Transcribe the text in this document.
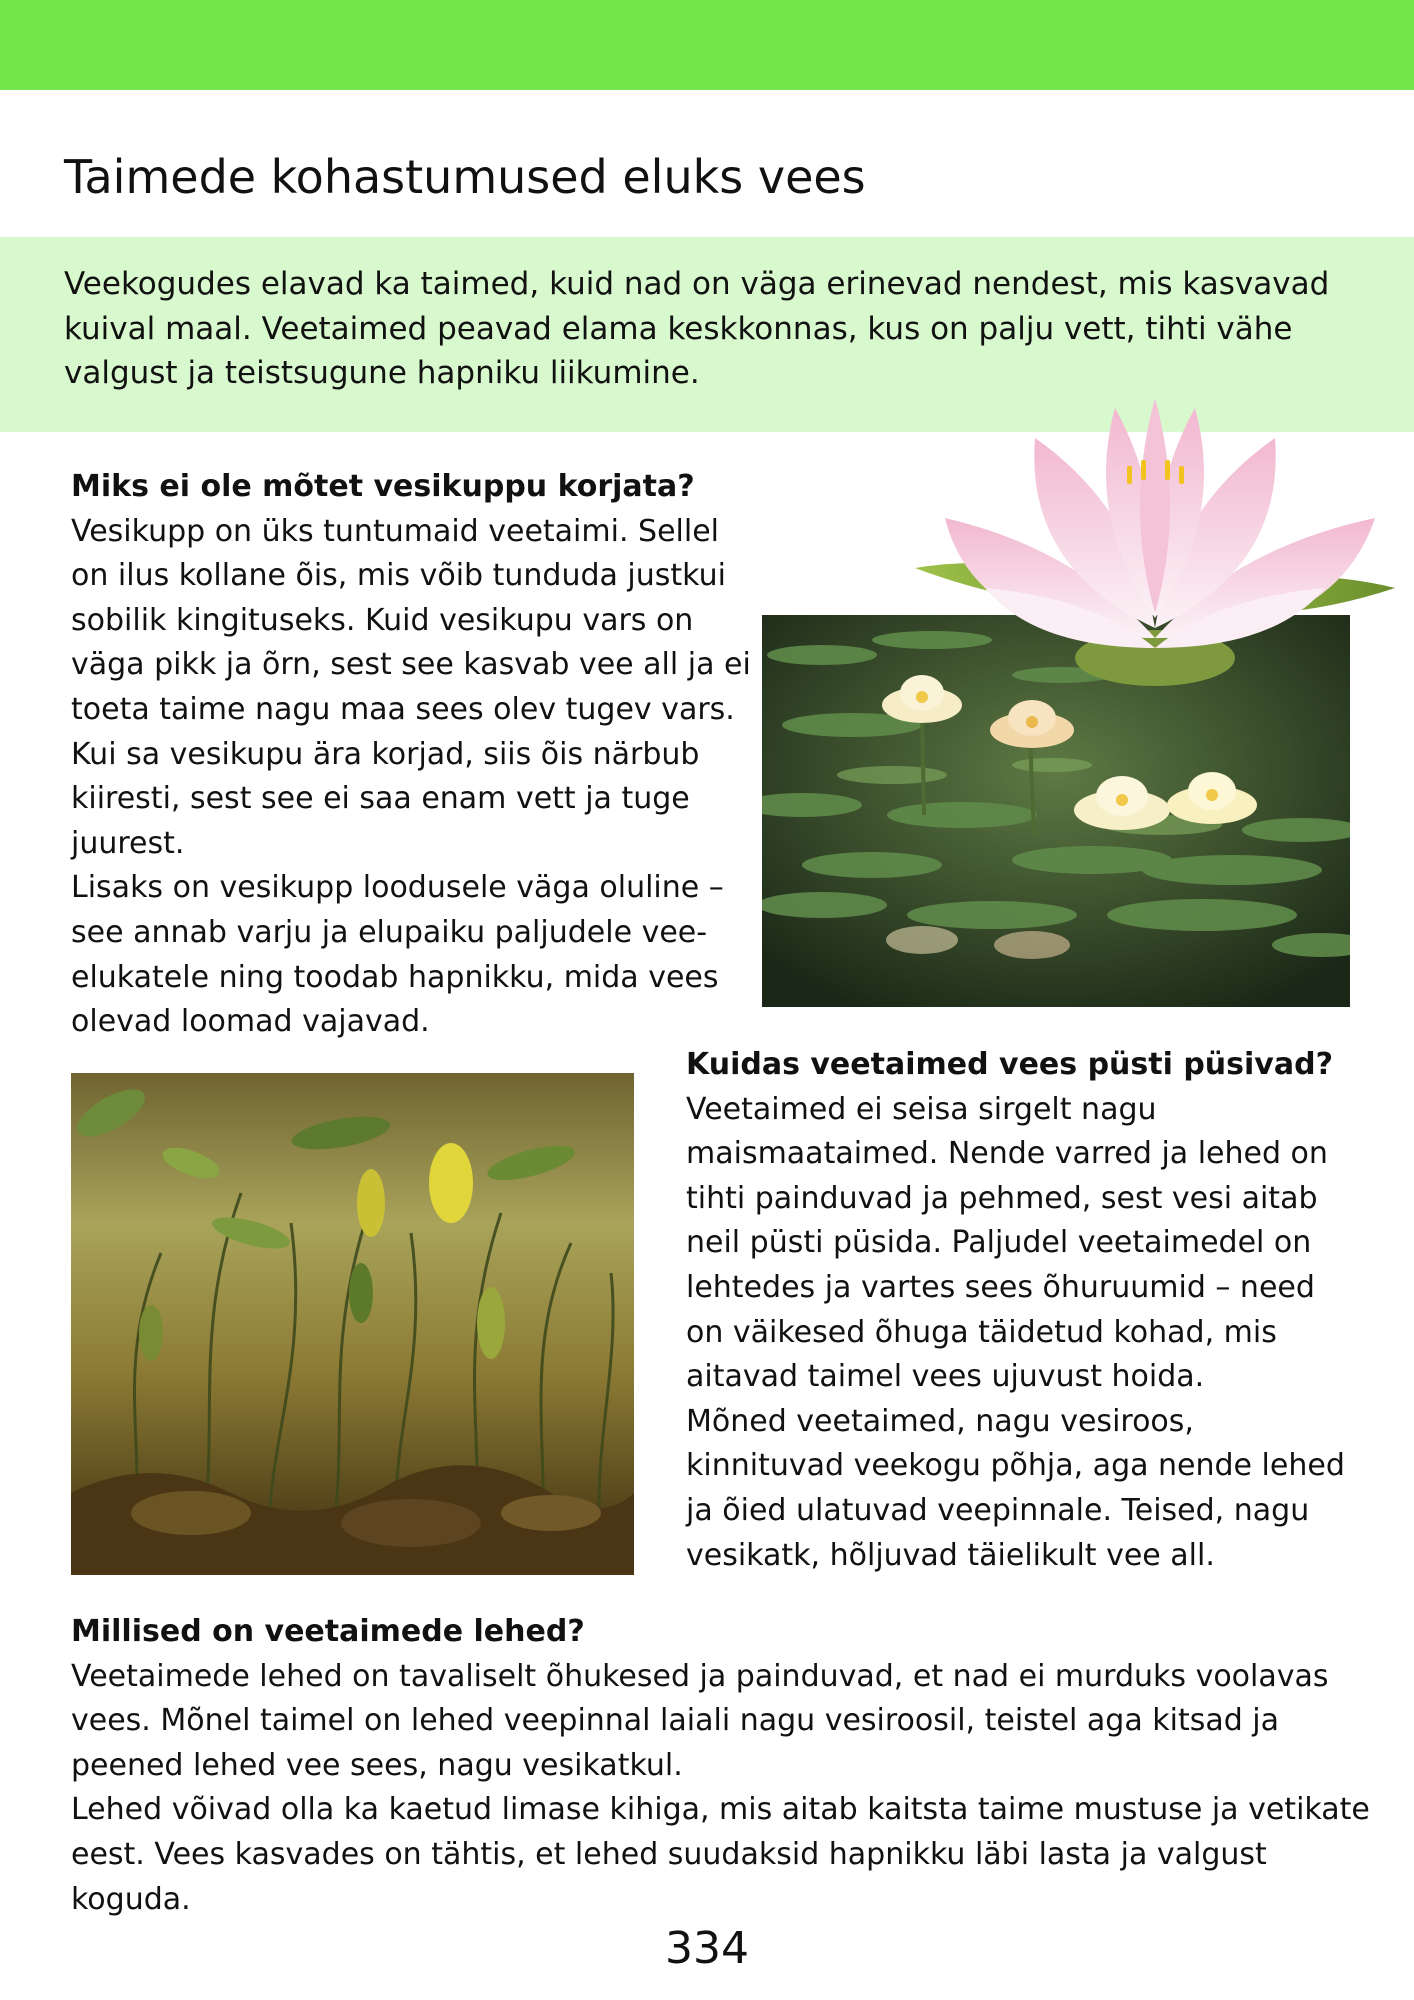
Taimede kohastumused eluks vees

Veekogudes elavad ka taimed, kuid nad on väga erinevad nendest, mis kasvavad kuival maal. Veetaimed peavad elama keskkonnas, kus on palju vett, tihti vähe valgust ja teistsugune hapniku liikumine.

Miks ei ole mõtet vesikuppu korjata?

Vesikupp on üks tuntumaid veetaimi. Sellel on ilus kollane õis, mis võib tunduda justkui sobilik kingituseks. Kuid vesikupu vars on väga pikk ja õrn, sest see kasvab vee all ja ei toeta taime nagu maa sees olev tugev vars. Kui sa vesikupu ära korjad, siis õis närbub kiiresti, sest see ei saa enam vett ja tuge juurest.

Lisaks on vesikupp loodusele väga oluline – see annab varju ja elupaiku paljudele vee-elukatele ning toodab hapnikku, mida vees olevad loomad vajavad.

Kuidas veetaimed vees püsti püsivad?

Veetaimed ei seisa sirgelt nagu maismaataimed. Nende varred ja lehed on tihti painduvad ja pehmed, sest vesi aitab neil püsti püsida. Paljudel veetaimedel on lehtedes ja vartes sees õhuruumid – need on väikesed õhuga täidetud kohad, mis aitavad taimel vees ujuvust hoida.

Mõned veetaimed, nagu vesiroos, kinnituvad veekogu põhja, aga nende lehed ja õied ulatuvad veepinnale. Teised, nagu vesikatk, hõljuvad täielikult vee all.

Millised on veetaimede lehed?

Veetaimede lehed on tavaliselt õhukesed ja painduvad, et nad ei murduks voolavas vees. Mõnel taimel on lehed veepinnal laiali nagu vesiroosil, teistel aga kitsad ja peened lehed vee sees, nagu vesikatkul.

Lehed võivad olla ka kaetud limase kihiga, mis aitab kaitsta taime mustuse ja vetikate eest. Vees kasvades on tähtis, et lehed suudaksid hapnikku läbi lasta ja valgust koguda.

334
